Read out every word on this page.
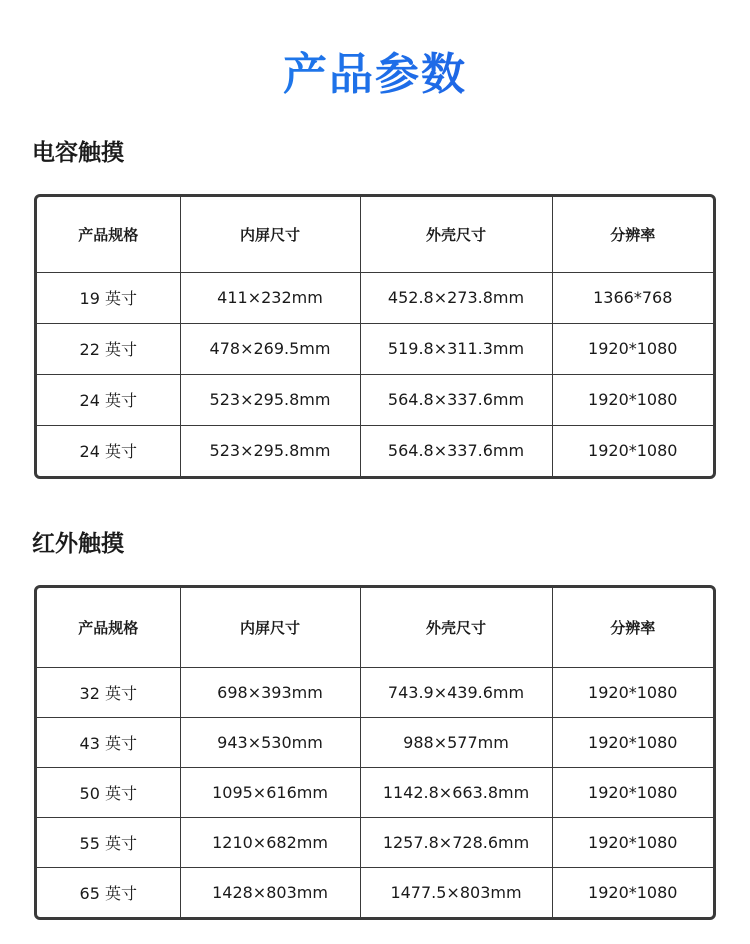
产品参数
电容触摸
产品规格	内屏尺寸	外壳尺寸	分辨率
19 英寸	411×232mm	452.8×273.8mm	1366*768
22 英寸	478×269.5mm	519.8×311.3mm	1920*1080
24 英寸	523×295.8mm	564.8×337.6mm	1920*1080
24 英寸	523×295.8mm	564.8×337.6mm	1920*1080
红外触摸
产品规格	内屏尺寸	外壳尺寸	分辨率
32 英寸	698×393mm	743.9×439.6mm	1920*1080
43 英寸	943×530mm	988×577mm	1920*1080
50 英寸	1095×616mm	1142.8×663.8mm	1920*1080
55 英寸	1210×682mm	1257.8×728.6mm	1920*1080
65 英寸	1428×803mm	1477.5×803mm	1920*1080
